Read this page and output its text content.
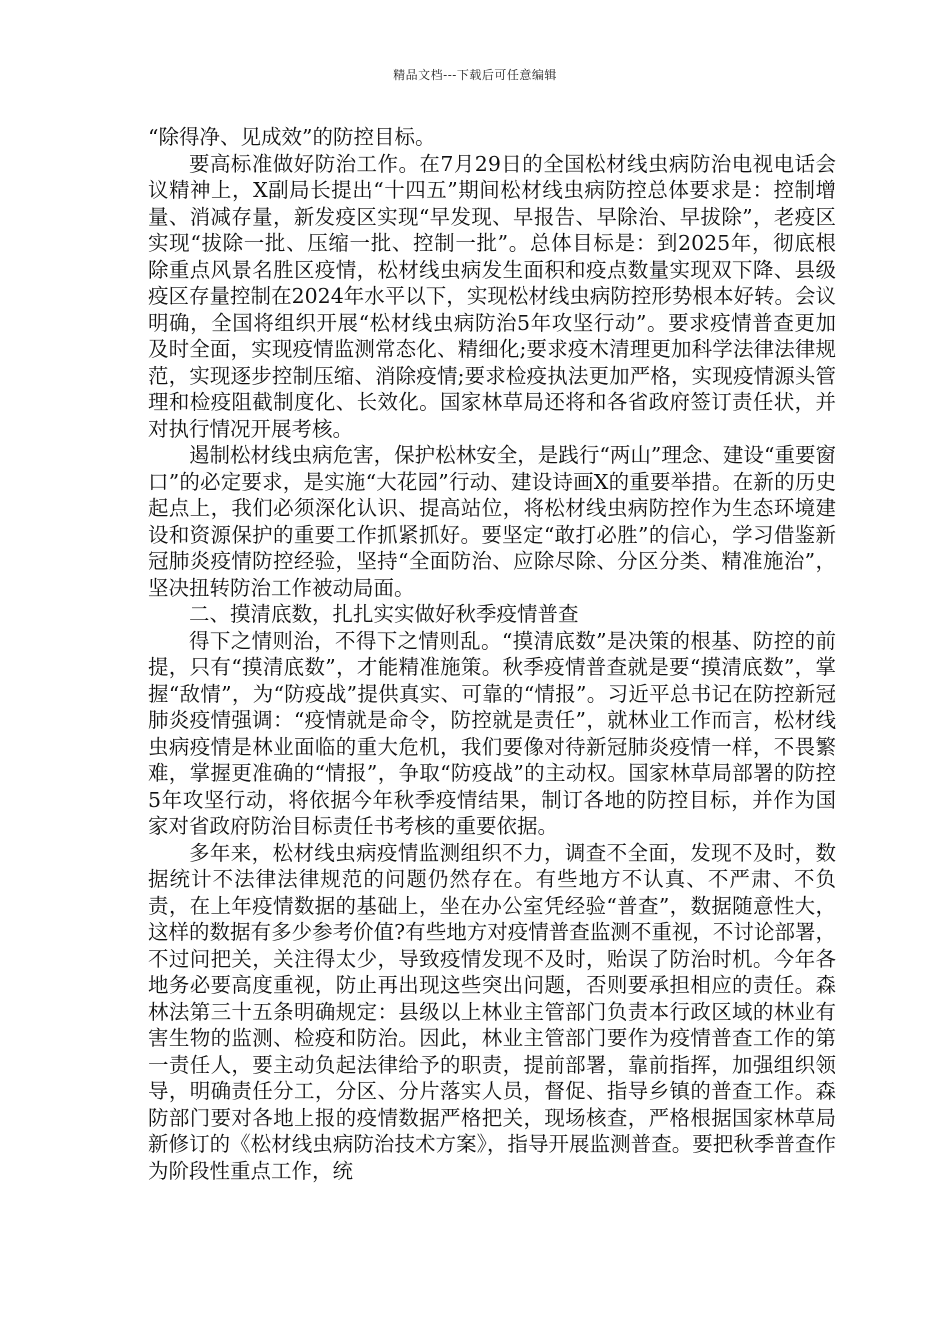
精品文档---下载后可任意编辑

“除得净、见成效”的防控目标。

要高标准做好防治工作。在7月29日的全国松材线虫病防治电视电话会议精神上，X副局长提出“十四五”期间松材线虫病防控总体要求是：控制增量、消减存量，新发疫区实现“早发现、早报告、早除治、早拔除”，老疫区实现“拔除一批、压缩一批、控制一批”。总体目标是：到2025年，彻底根除重点风景名胜区疫情，松材线虫病发生面积和疫点数量实现双下降、县级疫区存量控制在2024年水平以下，实现松材线虫病防控形势根本好转。会议明确，全国将组织开展“松材线虫病防治5年攻坚行动”。要求疫情普查更加及时全面，实现疫情监测常态化、精细化;要求疫木清理更加科学法律法律规范，实现逐步控制压缩、消除疫情;要求检疫执法更加严格，实现疫情源头管理和检疫阻截制度化、长效化。国家林草局还将和各省政府签订责任状，并对执行情况开展考核。

遏制松材线虫病危害，保护松林安全，是践行“两山”理念、建设“重要窗口”的必定要求，是实施“大花园”行动、建设诗画X的重要举措。在新的历史起点上，我们必须深化认识、提高站位，将松材线虫病防控作为生态环境建设和资源保护的重要工作抓紧抓好。要坚定“敢打必胜”的信心，学习借鉴新冠肺炎疫情防控经验，坚持“全面防治、应除尽除、分区分类、精准施治”，坚决扭转防治工作被动局面。

二、摸清底数，扎扎实实做好秋季疫情普查

得下之情则治，不得下之情则乱。“摸清底数”是决策的根基、防控的前提，只有“摸清底数”，才能精准施策。秋季疫情普查就是要“摸清底数”，掌握“敌情”，为“防疫战”提供真实、可靠的“情报”。习近平总书记在防控新冠肺炎疫情强调：“疫情就是命令，防控就是责任”，就林业工作而言，松材线虫病疫情是林业面临的重大危机，我们要像对待新冠肺炎疫情一样，不畏繁难，掌握更准确的“情报”，争取“防疫战”的主动权。国家林草局部署的防控5年攻坚行动，将依据今年秋季疫情结果，制订各地的防控目标，并作为国家对省政府防治目标责任书考核的重要依据。

多年来，松材线虫病疫情监测组织不力，调查不全面，发现不及时，数据统计不法律法律规范的问题仍然存在。有些地方不认真、不严肃、不负责，在上年疫情数据的基础上，坐在办公室凭经验“普查”，数据随意性大，这样的数据有多少参考价值?有些地方对疫情普查监测不重视，不讨论部署，不过问把关，关注得太少，导致疫情发现不及时，贻误了防治时机。今年各地务必要高度重视，防止再出现这些突出问题，否则要承担相应的责任。森林法第三十五条明确规定：县级以上林业主管部门负责本行政区域的林业有害生物的监测、检疫和防治。因此，林业主管部门要作为疫情普查工作的第一责任人，要主动负起法律给予的职责，提前部署，靠前指挥，加强组织领导，明确责任分工，分区、分片落实人员，督促、指导乡镇的普查工作。森防部门要对各地上报的疫情数据严格把关，现场核查，严格根据国家林草局新修订的《松材线虫病防治技术方案》，指导开展监测普查。要把秋季普查作为阶段性重点工作，统
